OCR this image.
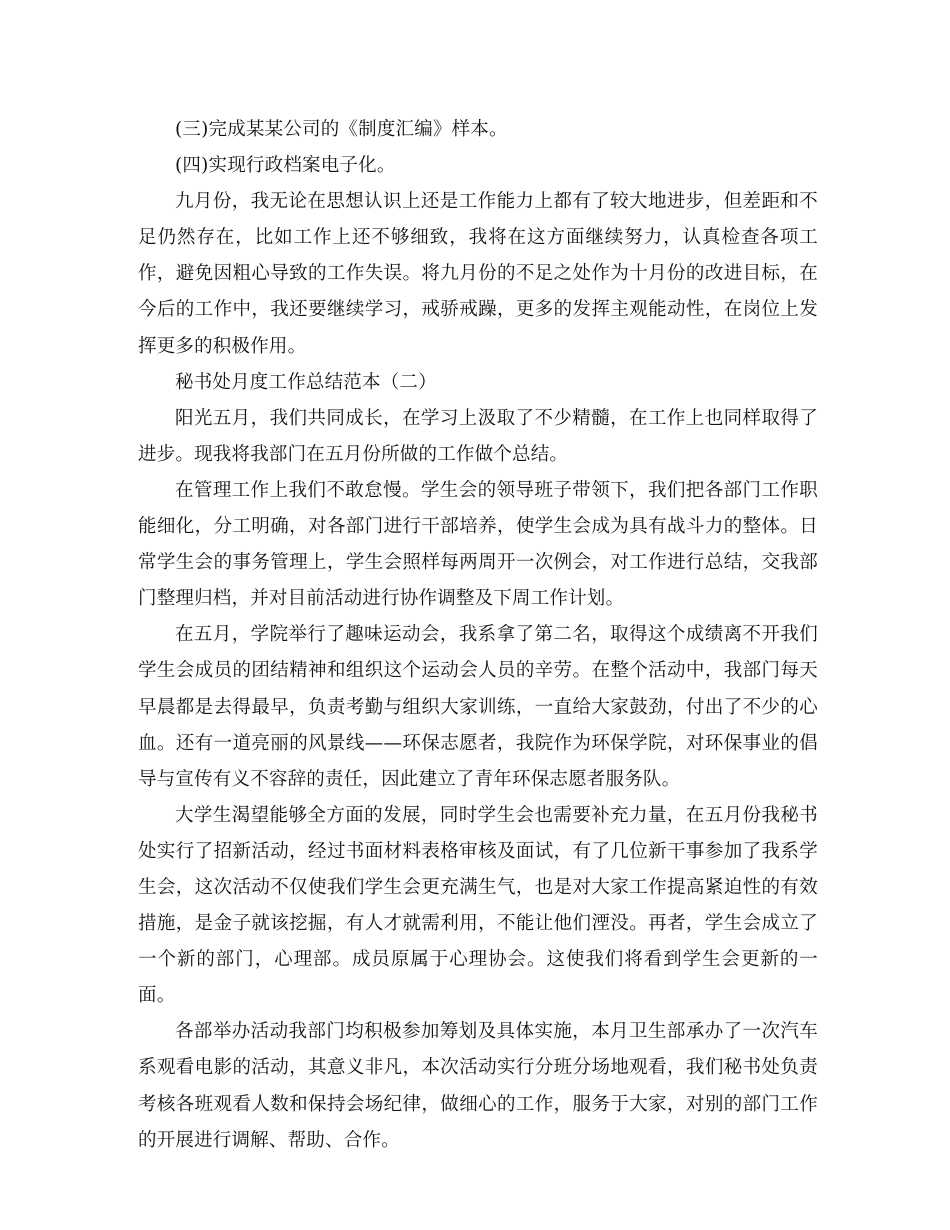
(三)完成某某公司的《制度汇编》样本。

(四)实现行政档案电子化。

九月份，我无论在思想认识上还是工作能力上都有了较大地进步，但差距和不足仍然存在，比如工作上还不够细致，我将在这方面继续努力，认真检查各项工作，避免因粗心导致的工作失误。将九月份的不足之处作为十月份的改进目标，在今后的工作中，我还要继续学习，戒骄戒躁，更多的发挥主观能动性，在岗位上发挥更多的积极作用。

秘书处月度工作总结范本（二）

阳光五月，我们共同成长，在学习上汲取了不少精髓，在工作上也同样取得了进步。现我将我部门在五月份所做的工作做个总结。

在管理工作上我们不敢怠慢。学生会的领导班子带领下，我们把各部门工作职能细化，分工明确，对各部门进行干部培养，使学生会成为具有战斗力的整体。日常学生会的事务管理上，学生会照样每两周开一次例会，对工作进行总结，交我部门整理归档，并对目前活动进行协作调整及下周工作计划。

在五月，学院举行了趣味运动会，我系拿了第二名，取得这个成绩离不开我们学生会成员的团结精神和组织这个运动会人员的辛劳。在整个活动中，我部门每天早晨都是去得最早，负责考勤与组织大家训练，一直给大家鼓劲，付出了不少的心血。还有一道亮丽的风景线——环保志愿者，我院作为环保学院，对环保事业的倡导与宣传有义不容辞的责任，因此建立了青年环保志愿者服务队。

大学生渴望能够全方面的发展，同时学生会也需要补充力量，在五月份我秘书处实行了招新活动，经过书面材料表格审核及面试，有了几位新干事参加了我系学生会，这次活动不仅使我们学生会更充满生气，也是对大家工作提高紧迫性的有效措施，是金子就该挖掘，有人才就需利用，不能让他们湮没。再者，学生会成立了一个新的部门，心理部。成员原属于心理协会。这使我们将看到学生会更新的一面。

各部举办活动我部门均积极参加筹划及具体实施，本月卫生部承办了一次汽车系观看电影的活动，其意义非凡，本次活动实行分班分场地观看，我们秘书处负责考核各班观看人数和保持会场纪律，做细心的工作，服务于大家，对别的部门工作的开展进行调解、帮助、合作。
